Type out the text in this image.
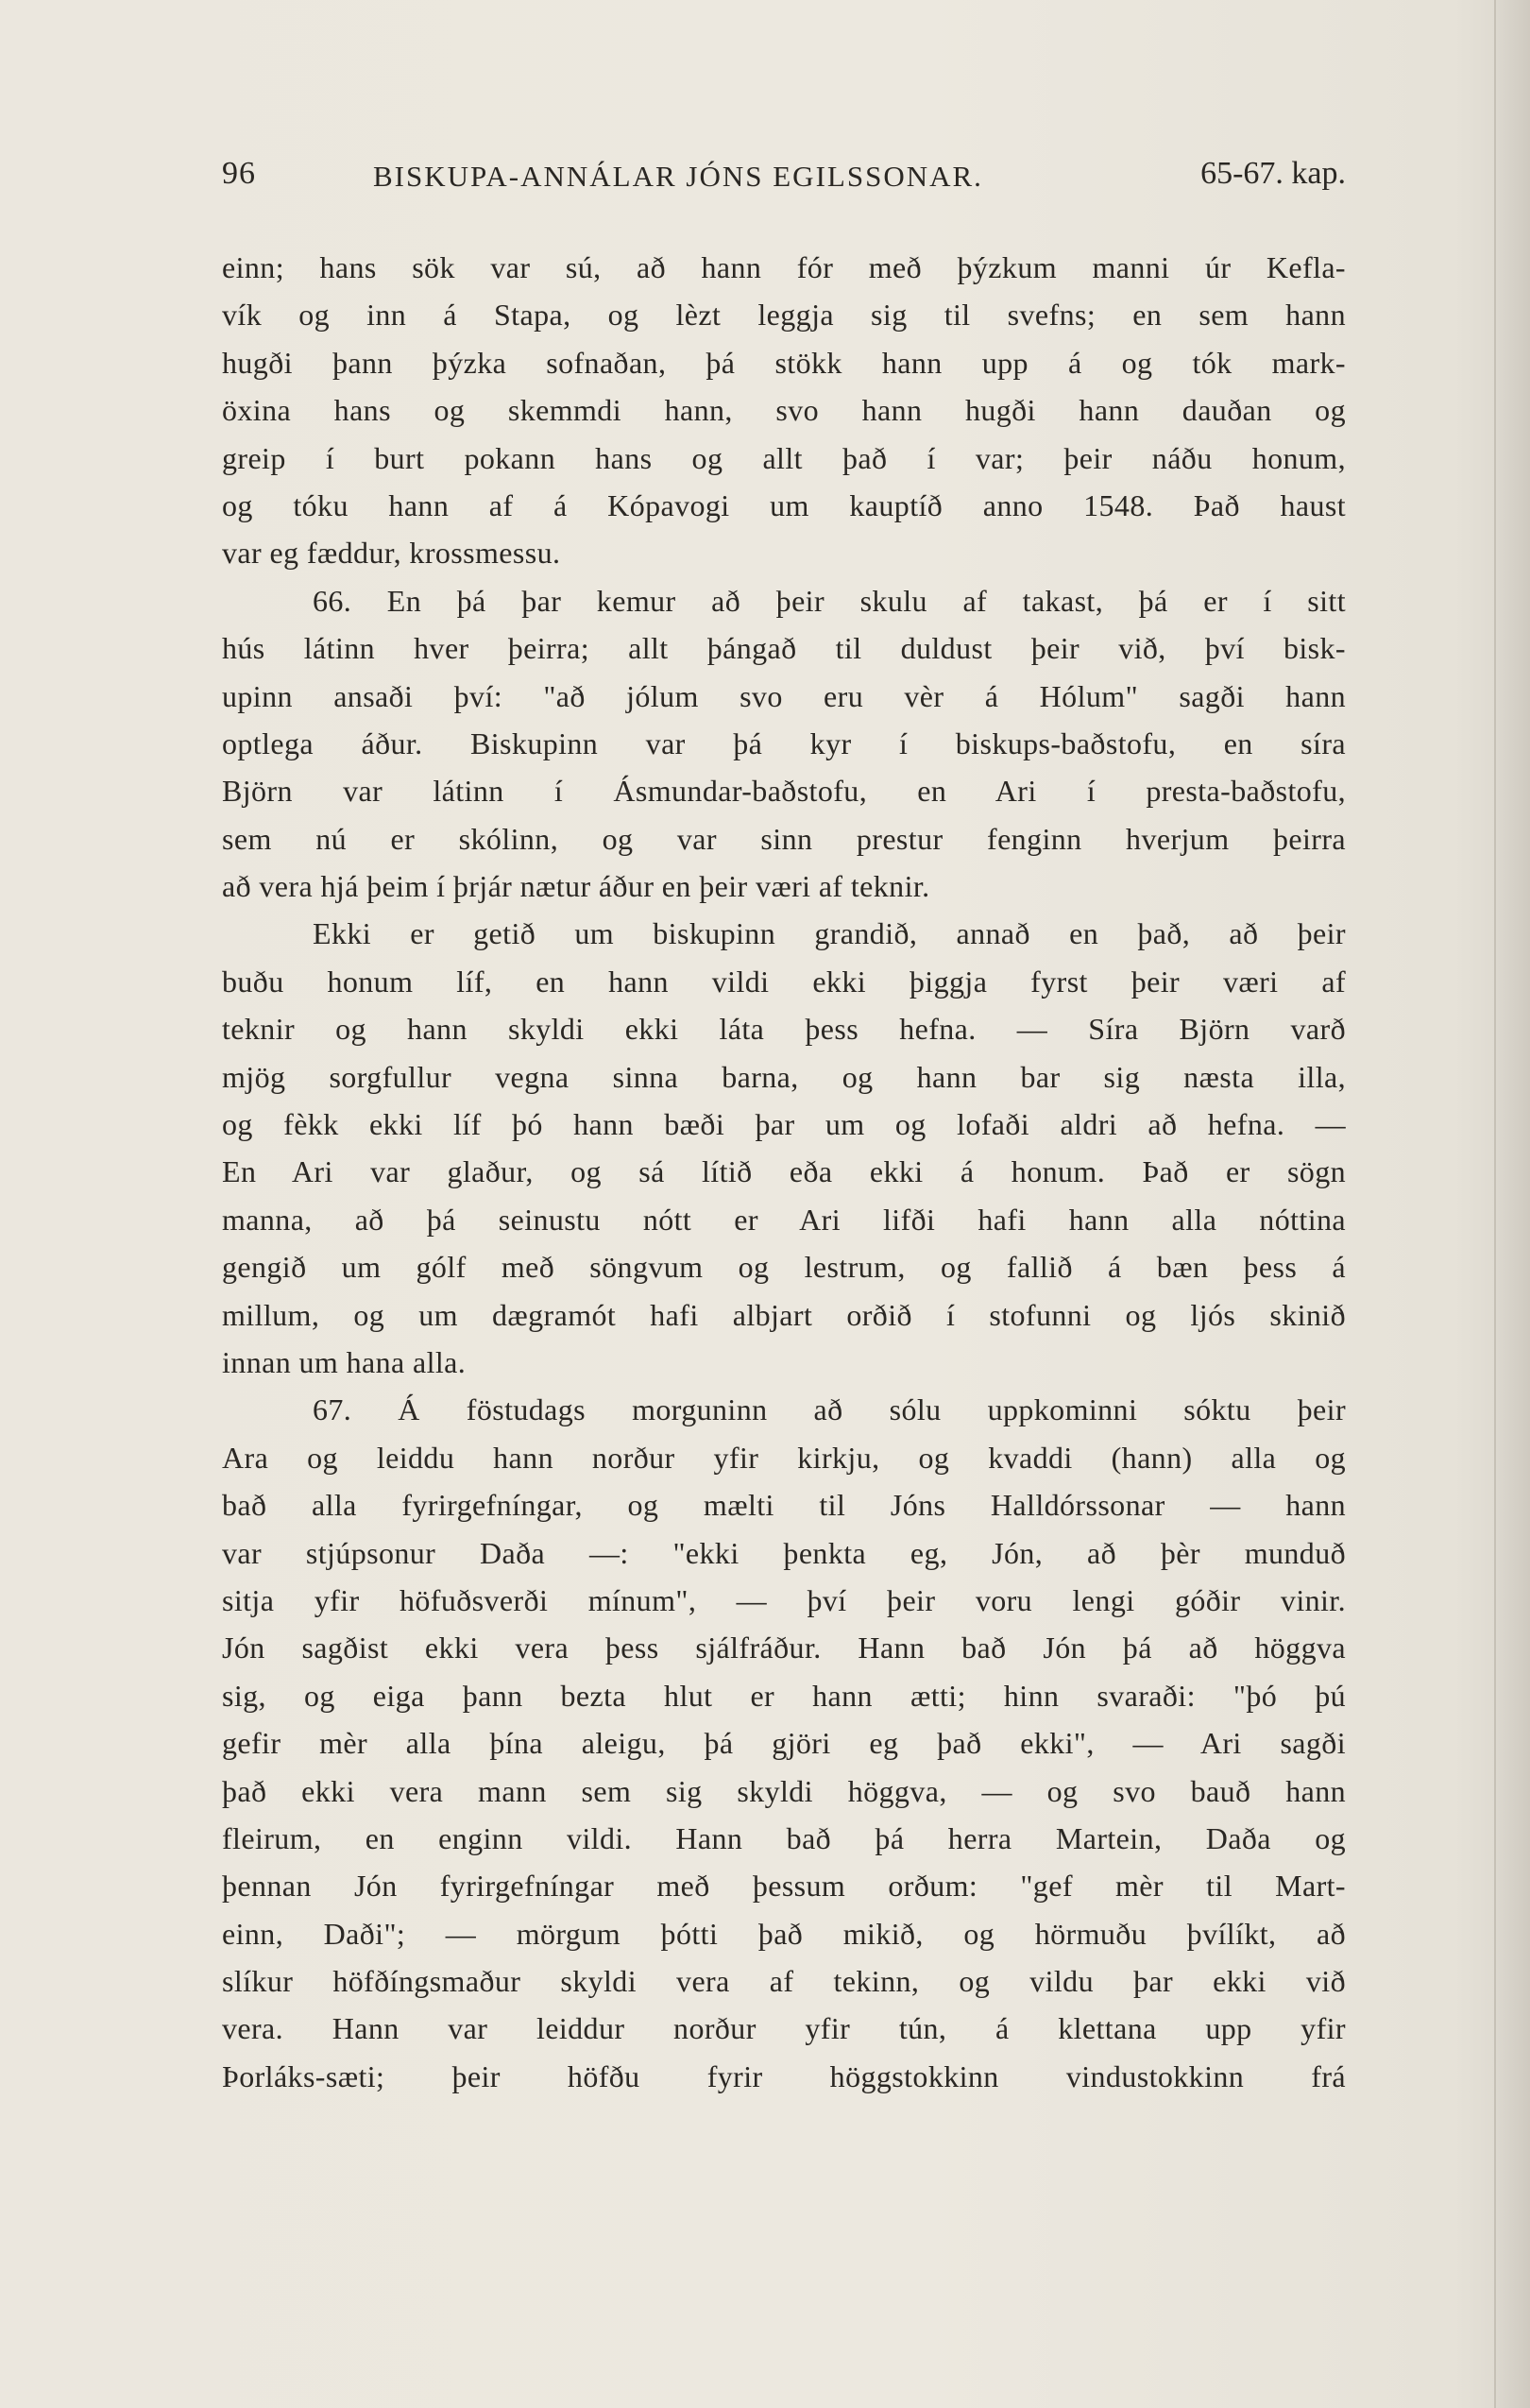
96	BISKUPA-ANNÁLAR JÓNS EGILSSONAR.	65-67. kap.
einn; hans sök var sú, að hann fór með þýzkum manni úr Kefla-
vík og inn á Stapa, og lèzt leggja sig til svefns; en sem hann
hugði þann þýzka sofnaðan, þá stökk hann upp á og tók mark-
öxina hans og skemmdi hann, svo hann hugði hann dauðan og
greip í burt pokann hans og allt það í var; þeir náðu honum,
og tóku hann af á Kópavogi um kauptíð anno 1548. Það haust
var eg fæddur, krossmessu.
66. En þá þar kemur að þeir skulu af takast, þá er í sitt
hús látinn hver þeirra; allt þángað til duldust þeir við, því bisk-
upinn ansaði því: "að jólum svo eru vèr á Hólum" sagði hann
optlega áður. Biskupinn var þá kyr í biskups-baðstofu, en síra
Björn var látinn í Ásmundar-baðstofu, en Ari í presta-baðstofu,
sem nú er skólinn, og var sinn prestur fenginn hverjum þeirra
að vera hjá þeim í þrjár nætur áður en þeir væri af teknir.
Ekki er getið um biskupinn grandið, annað en það, að þeir
buðu honum líf, en hann vildi ekki þiggja fyrst þeir væri af
teknir og hann skyldi ekki láta þess hefna. — Síra Björn varð
mjög sorgfullur vegna sinna barna, og hann bar sig næsta illa,
og fèkk ekki líf þó hann bæði þar um og lofaði aldri að hefna. —
En Ari var glaður, og sá lítið eða ekki á honum. Það er sögn
manna, að þá seinustu nótt er Ari lifði hafi hann alla nóttina
gengið um gólf með söngvum og lestrum, og fallið á bæn þess á
millum, og um dægramót hafi albjart orðið í stofunni og ljós skinið
innan um hana alla.
67. Á föstudags morguninn að sólu uppkominni sóktu þeir
Ara og leiddu hann norður yfir kirkju, og kvaddi (hann) alla og
bað alla fyrirgefníngar, og mælti til Jóns Halldórssonar — hann
var stjúpsonur Daða —: "ekki þenkta eg, Jón, að þèr munduð
sitja yfir höfuðsverði mínum", — því þeir voru lengi góðir vinir.
Jón sagðist ekki vera þess sjálfráður. Hann bað Jón þá að höggva
sig, og eiga þann bezta hlut er hann ætti; hinn svaraði: "þó þú
gefir mèr alla þína aleigu, þá gjöri eg það ekki", — Ari sagði
það ekki vera mann sem sig skyldi höggva, — og svo bauð hann
fleirum, en enginn vildi. Hann bað þá herra Martein, Daða og
þennan Jón fyrirgefníngar með þessum orðum: "gef mèr til Mart-
einn, Daði"; — mörgum þótti það mikið, og hörmuðu þvílíkt, að
slíkur höfðíngsmaður skyldi vera af tekinn, og vildu þar ekki við
vera. Hann var leiddur norður yfir tún, á klettana upp yfir
Þorláks-sæti; þeir höfðu fyrir höggstokkinn vindustokkinn frá
